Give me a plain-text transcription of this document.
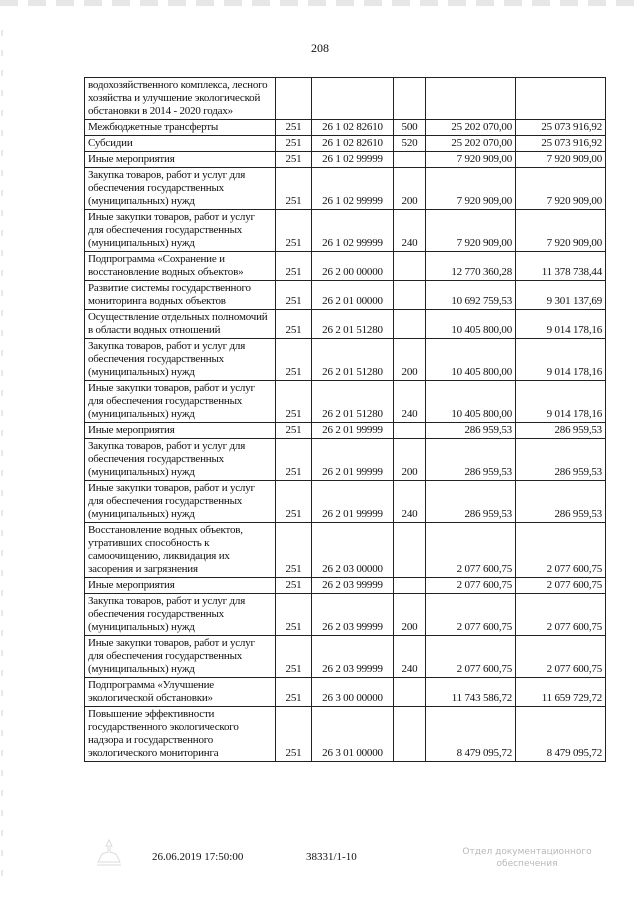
208
водохозяйственного комплекса, лесного хозяйства и улучшение экологической обстановки в 2014 - 2020 годах»					
Межбюджетные трансферты	251	26 1 02 82610	500	25 202 070,00	25 073 916,92
Субсидии	251	26 1 02 82610	520	25 202 070,00	25 073 916,92
Иные мероприятия	251	26 1 02 99999		7 920 909,00	7 920 909,00
Закупка товаров, работ и услуг для обеспечения государственных (муниципальных) нужд	251	26 1 02 99999	200	7 920 909,00	7 920 909,00
Иные закупки товаров, работ и услуг для обеспечения государственных (муниципальных) нужд	251	26 1 02 99999	240	7 920 909,00	7 920 909,00
Подпрограмма «Сохранение и восстановление водных объектов»	251	26 2 00 00000		12 770 360,28	11 378 738,44
Развитие системы государственного мониторинга водных объектов	251	26 2 01 00000		10 692 759,53	9 301 137,69
Осуществление отдельных полномочий в области водных отношений	251	26 2 01 51280		10 405 800,00	9 014 178,16
Закупка товаров, работ и услуг для обеспечения государственных (муниципальных) нужд	251	26 2 01 51280	200	10 405 800,00	9 014 178,16
Иные закупки товаров, работ и услуг для обеспечения государственных (муниципальных) нужд	251	26 2 01 51280	240	10 405 800,00	9 014 178,16
Иные мероприятия	251	26 2 01 99999		286 959,53	286 959,53
Закупка товаров, работ и услуг для обеспечения государственных (муниципальных) нужд	251	26 2 01 99999	200	286 959,53	286 959,53
Иные закупки товаров, работ и услуг для обеспечения государственных (муниципальных) нужд	251	26 2 01 99999	240	286 959,53	286 959,53
Восстановление водных объектов, утративших способность к самоочищению, ликвидация их засорения и загрязнения	251	26 2 03 00000		2 077 600,75	2 077 600,75
Иные мероприятия	251	26 2 03 99999		2 077 600,75	2 077 600,75
Закупка товаров, работ и услуг для обеспечения государственных (муниципальных) нужд	251	26 2 03 99999	200	2 077 600,75	2 077 600,75
Иные закупки товаров, работ и услуг для обеспечения государственных (муниципальных) нужд	251	26 2 03 99999	240	2 077 600,75	2 077 600,75
Подпрограмма «Улучшение экологической обстановки»	251	26 3 00 00000		11 743 586,72	11 659 729,72
Повышение эффективности государственного экологического надзора и государственного экологического мониторинга	251	26 3 01 00000		8 479 095,72	8 479 095,72
26.06.2019 17:50:00	38331/1-10	Отдел документационного обеспечения
